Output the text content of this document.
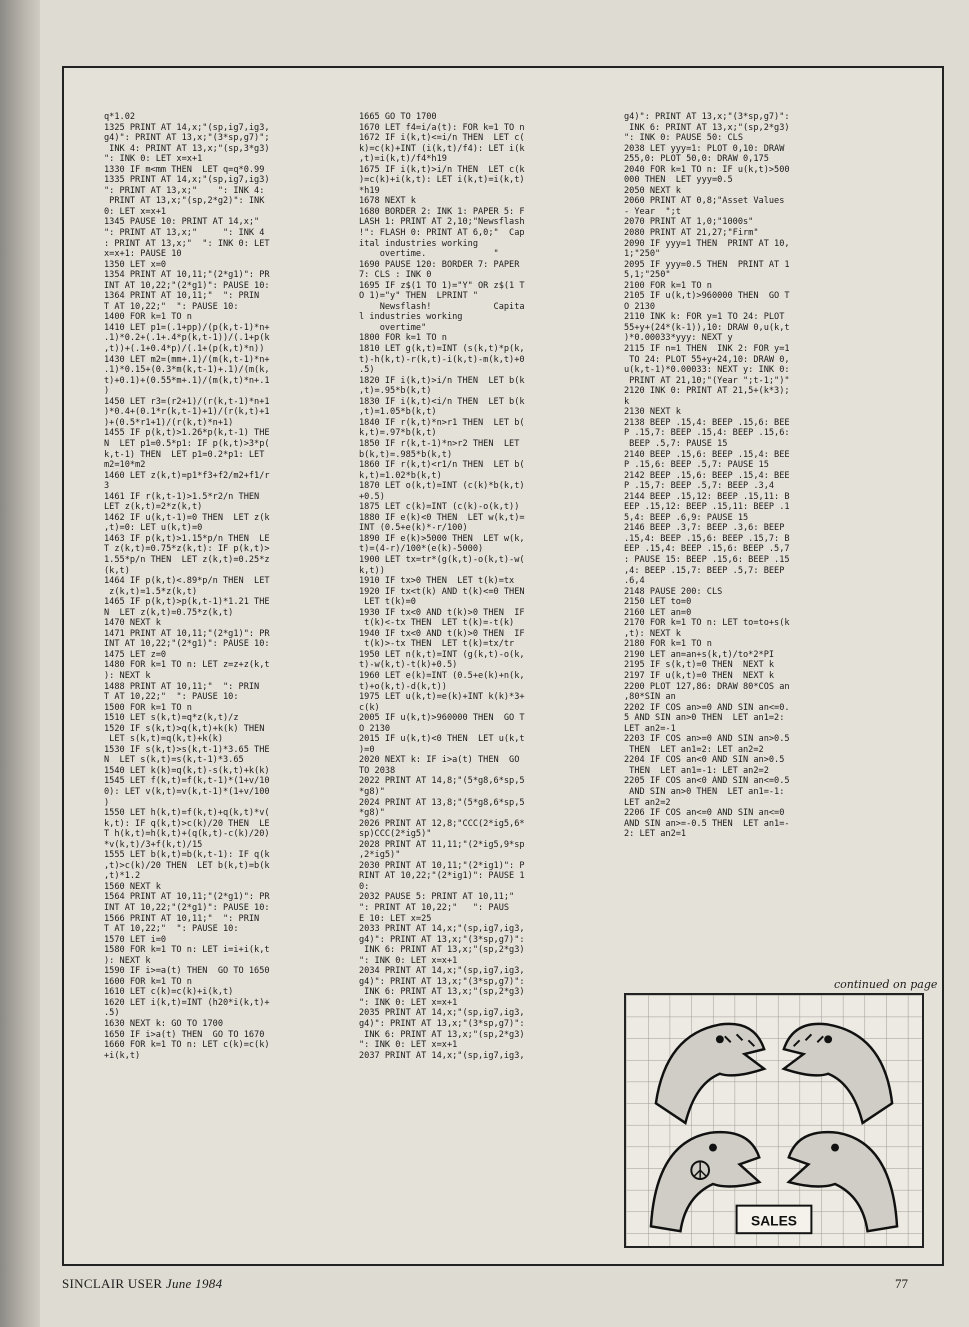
q*1.02
1325 PRINT AT 14,x;"(sp,ig7,ig3,
g4)": PRINT AT 13,x;"(3*sp,g7)";
INK 4: PRINT AT 13,x;"(sp,3*g3)
": INK 0: LET x=x+1
1330 IF m<mm THEN  LET q=q*0.99
1335 PRINT AT 14,x;"(sp,ig7,ig3)
": PRINT AT 13,x;"    ": INK 4:
PRINT AT 13,x;"(sp,2*g2)": INK
0: LET x=x+1
1345 PAUSE 10: PRINT AT 14,x;"
": PRINT AT 13,x;"     ": INK 4
: PRINT AT 13,x;"  ": INK 0: LET
x=x+1: PAUSE 10
1350 LET x=0
1354 PRINT AT 10,11;"(2*g1)": PR
INT AT 10,22;"(2*g1)": PAUSE 10:
1364 PRINT AT 10,11;"  ": PRIN
T AT 10,22;"  ": PAUSE 10:
1400 FOR k=1 TO n
1410 LET p1=(.1+pp)/(p(k,t-1)*n+
.1)*0.2+(.1+.4*p(k,t-1))/(.1+p(k
,t))+(.1+0.4*p)/(.1+(p(k,t)*n))
1430 LET m2=(mm+.1)/(m(k,t-1)*n+
.1)*0.15+(0.3*m(k,t-1)+.1)/(m(k,
t)+0.1)+(0.55*m+.1)/(m(k,t)*n+.1
)
1450 LET r3=(r2+1)/(r(k,t-1)*n+1
)*0.4+(0.1*r(k,t-1)+1)/(r(k,t)+1
)+(0.5*r1+1)/(r(k,t)*n+1)
1455 IF p(k,t)>1.26*p(k,t-1) THE
N  LET p1=0.5*p1: IF p(k,t)>3*p(
k,t-1) THEN  LET p1=0.2*p1: LET
m2=10*m2
1460 LET z(k,t)=p1*f3+f2/m2+f1/r
3
1461 IF r(k,t-1)>1.5*r2/n THEN
LET z(k,t)=2*z(k,t)
1462 IF u(k,t-1)=0 THEN  LET z(k
,t)=0: LET u(k,t)=0
1463 IF p(k,t)>1.15*p/n THEN  LE
T z(k,t)=0.75*z(k,t): IF p(k,t)>
1.55*p/n THEN  LET z(k,t)=0.25*z
(k,t)
1464 IF p(k,t)<.89*p/n THEN  LET
z(k,t)=1.5*z(k,t)
1465 IF p(k,t)>p(k,t-1)*1.21 THE
N  LET z(k,t)=0.75*z(k,t)
1470 NEXT k
1471 PRINT AT 10,11;"(2*g1)": PR
INT AT 10,22;"(2*g1)": PAUSE 10:
1475 LET z=0
1480 FOR k=1 TO n: LET z=z+z(k,t
): NEXT k
1488 PRINT AT 10,11;"  ": PRIN
T AT 10,22;"  ": PAUSE 10:
1500 FOR k=1 TO n
1510 LET s(k,t)=q*z(k,t)/z
1520 IF s(k,t)>q(k,t)+k(k) THEN
LET s(k,t)=q(k,t)+k(k)
1530 IF s(k,t)>s(k,t-1)*3.65 THE
N  LET s(k,t)=s(k,t-1)*3.65
1540 LET k(k)=q(k,t)-s(k,t)+k(k)
1545 LET f(k,t)=f(k,t-1)*(1+v/10
0): LET v(k,t)=v(k,t-1)*(1+v/100
)
1550 LET h(k,t)=f(k,t)+q(k,t)*v(
k,t): IF q(k,t)>c(k)/20 THEN  LE
T h(k,t)=h(k,t)+(q(k,t)-c(k)/20)
*v(k,t)/3+f(k,t)/15
1555 LET b(k,t)=b(k,t-1): IF q(k
,t)>c(k)/20 THEN  LET b(k,t)=b(k
,t)*1.2
1560 NEXT k
1564 PRINT AT 10,11;"(2*g1)": PR
INT AT 10,22;"(2*g1)": PAUSE 10:
1566 PRINT AT 10,11;"  ": PRIN
T AT 10,22;"  ": PAUSE 10:
1570 LET i=0
1580 FOR k=1 TO n: LET i=i+i(k,t
): NEXT k
1590 IF i>=a(t) THEN  GO TO 1650
1600 FOR k=1 TO n
1610 LET c(k)=c(k)+i(k,t)
1620 LET i(k,t)=INT (h20*i(k,t)+
.5)
1630 NEXT k: GO TO 1700
1650 IF i>a(t) THEN  GO TO 1670
1660 FOR k=1 TO n: LET c(k)=c(k)
+i(k,t)
1665 GO TO 1700
1670 LET f4=i/a(t): FOR k=1 TO n
1672 IF i(k,t)<=i/n THEN  LET c(
k)=c(k)+INT (i(k,t)/f4): LET i(k
,t)=i(k,t)/f4*h19
1675 IF i(k,t)>i/n THEN  LET c(k
)=c(k)+i(k,t): LET i(k,t)=i(k,t)
*h19
1678 NEXT k
1680 BORDER 2: INK 1: PAPER 5: F
LASH 1: PRINT AT 2,10;"Newsflash
!": FLASH 0: PRINT AT 6,0;"  Cap
ital industries working
overtime.             "
1690 PAUSE 120: BORDER 7: PAPER
7: CLS : INK 0
1695 IF z$(1 TO 1)="Y" OR z$(1 T
O 1)="y" THEN  LPRINT "
Newsflash!            Capita
l industries working
overtime"
1800 FOR k=1 TO n
1810 LET g(k,t)=INT (s(k,t)*p(k,
t)-h(k,t)-r(k,t)-i(k,t)-m(k,t)+0
.5)
1820 IF i(k,t)>i/n THEN  LET b(k
,t)=.95*b(k,t)
1830 IF i(k,t)<i/n THEN  LET b(k
,t)=1.05*b(k,t)
1840 IF r(k,t)*n>r1 THEN  LET b(
k,t)=.97*b(k,t)
1850 IF r(k,t-1)*n>r2 THEN  LET
b(k,t)=.985*b(k,t)
1860 IF r(k,t)<r1/n THEN  LET b(
k,t)=1.02*b(k,t)
1870 LET o(k,t)=INT (c(k)*b(k,t)
+0.5)
1875 LET c(k)=INT (c(k)-o(k,t))
1880 IF e(k)<0 THEN  LET w(k,t)=
INT (0.5+e(k)*-r/100)
1890 IF e(k)>5000 THEN  LET w(k,
t)=(4-r)/100*(e(k)-5000)
1900 LET tx=tr*(g(k,t)-o(k,t)-w(
k,t))
1910 IF tx>0 THEN  LET t(k)=tx
1920 IF tx<t(k) AND t(k)<=0 THEN
LET t(k)=0
1930 IF tx<0 AND t(k)>0 THEN  IF
t(k)<-tx THEN  LET t(k)=-t(k)
1940 IF tx<0 AND t(k)>0 THEN  IF
t(k)>-tx THEN  LET t(k)=tx/tr
1950 LET n(k,t)=INT (g(k,t)-o(k,
t)-w(k,t)-t(k)+0.5)
1960 LET e(k)=INT (0.5+e(k)+n(k,
t)+o(k,t)-d(k,t))
1975 LET u(k,t)=e(k)+INT k(k)*3+
c(k)
2005 IF u(k,t)>960000 THEN  GO T
O 2130
2015 IF u(k,t)<0 THEN  LET u(k,t
)=0
2020 NEXT k: IF i>a(t) THEN  GO
TO 2038
2022 PRINT AT 14,8;"(5*g8,6*sp,5
*g8)"
2024 PRINT AT 13,8;"(5*g8,6*sp,5
*g8)"
2026 PRINT AT 12,8;"CCC(2*ig5,6*
sp)CCC(2*ig5)"
2028 PRINT AT 11,11;"(2*ig5,9*sp
,2*ig5)"
2030 PRINT AT 10,11;"(2*ig1)": P
RINT AT 10,22;"(2*ig1)": PAUSE 1
0:
2032 PAUSE 5: PRINT AT 10,11;"
": PRINT AT 10,22;"   ": PAUS
E 10: LET x=25
2033 PRINT AT 14,x;"(sp,ig7,ig3,
g4)": PRINT AT 13,x;"(3*sp,g7)":
INK 6: PRINT AT 13,x;"(sp,2*g3)
": INK 0: LET x=x+1
2034 PRINT AT 14,x;"(sp,ig7,ig3,
g4)": PRINT AT 13,x;"(3*sp,g7)":
INK 6: PRINT AT 13,x;"(sp,2*g3)
": INK 0: LET x=x+1
2035 PRINT AT 14,x;"(sp,ig7,ig3,
g4)": PRINT AT 13,x;"(3*sp,g7)":
INK 6: PRINT AT 13,x;"(sp,2*g3)
": INK 0: LET x=x+1
2037 PRINT AT 14,x;"(sp,ig7,ig3,
g4)": PRINT AT 13,x;"(3*sp,g7)":
INK 6: PRINT AT 13,x;"(sp,2*g3)
": INK 0: PAUSE 50: CLS
2038 LET yyy=1: PLOT 0,10: DRAW
255,0: PLOT 50,0: DRAW 0,175
2040 FOR k=1 TO n: IF u(k,t)>500
000 THEN  LET yyy=0.5
2050 NEXT k
2060 PRINT AT 0,8;"Asset Values
- Year  ";t
2070 PRINT AT 1,0;"1000s"
2080 PRINT AT 21,27;"Firm"
2090 IF yyy=1 THEN  PRINT AT 10,
1;"250"
2095 IF yyy=0.5 THEN  PRINT AT 1
5,1;"250"
2100 FOR k=1 TO n
2105 IF u(k,t)>960000 THEN  GO T
O 2130
2110 INK k: FOR y=1 TO 24: PLOT
55+y+(24*(k-1)),10: DRAW 0,u(k,t
)*0.00033*yyy: NEXT y
2115 IF n=1 THEN  INK 2: FOR y=1
TO 24: PLOT 55+y+24,10: DRAW 0,
u(k,t-1)*0.00033: NEXT y: INK 0:
PRINT AT 21,10;"(Year ";t-1;")"
2120 INK 0: PRINT AT 21,5+(k*3);
k
2130 NEXT k
2138 BEEP .15,4: BEEP .15,6: BEE
P .15,7: BEEP .15,4: BEEP .15,6:
BEEP .5,7: PAUSE 15
2140 BEEP .15,6: BEEP .15,4: BEE
P .15,6: BEEP .5,7: PAUSE 15
2142 BEEP .15,6: BEEP .15,4: BEE
P .15,7: BEEP .5,7: BEEP .3,4
2144 BEEP .15,12: BEEP .15,11: B
EEP .15,12: BEEP .15,11: BEEP .1
5,4: BEEP .6,9: PAUSE 15
2146 BEEP .3,7: BEEP .3,6: BEEP
.15,4: BEEP .15,6: BEEP .15,7: B
EEP .15,4: BEEP .15,6: BEEP .5,7
: PAUSE 15: BEEP .15,6: BEEP .15
,4: BEEP .15,7: BEEP .5,7: BEEP
.6,4
2148 PAUSE 200: CLS
2150 LET to=0
2160 LET an=0
2170 FOR k=1 TO n: LET to=to+s(k
,t): NEXT k
2180 FOR k=1 TO n
2190 LET an=an+s(k,t)/to*2*PI
2195 IF s(k,t)=0 THEN  NEXT k
2197 IF u(k,t)=0 THEN  NEXT k
2200 PLOT 127,86: DRAW 80*COS an
,80*SIN an
2202 IF COS an>=0 AND SIN an<=0.
5 AND SIN an>0 THEN  LET an1=2:
LET an2=-1
2203 IF COS an>=0 AND SIN an>0.5
THEN  LET an1=2: LET an2=2
2204 IF COS an<0 AND SIN an>0.5
THEN  LET an1=-1: LET an2=2
2205 IF COS an<0 AND SIN an<=0.5
AND SIN an>0 THEN  LET an1=-1:
LET an2=2
2206 IF COS an<=0 AND SIN an<=0
AND SIN an>=-0.5 THEN  LET an1=-
2: LET an2=1
continued on page
SALES
SINCLAIR USER June 1984	77
